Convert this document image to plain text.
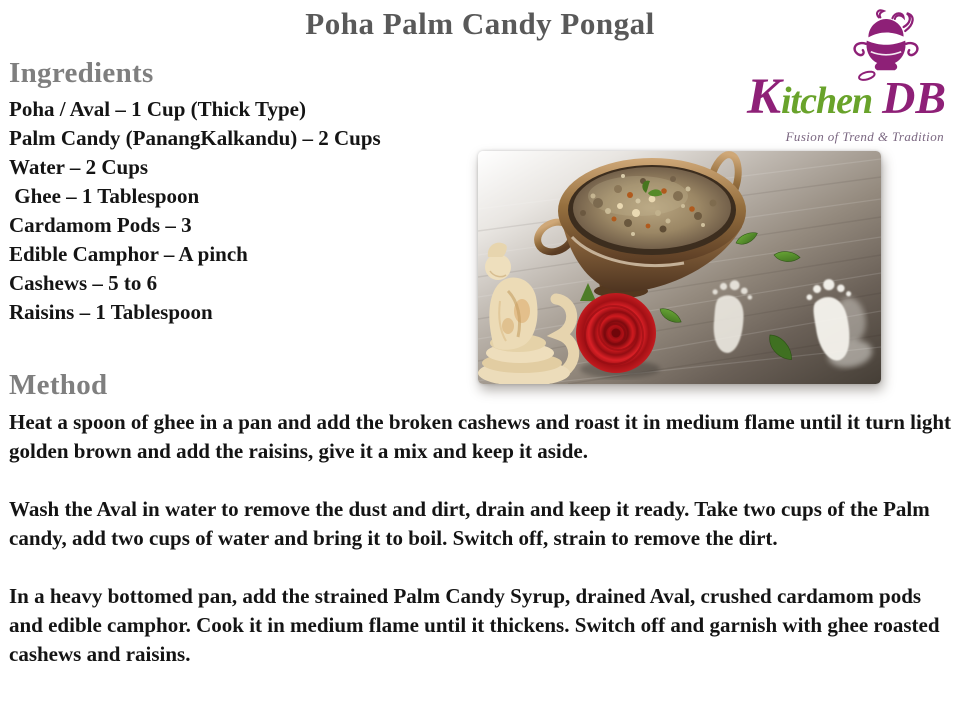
Poha Palm Candy Pongal
Kitchen DB
Fusion of Trend & Tradition
Ingredients
Poha / Aval – 1 Cup (Thick Type)
Palm Candy (PanangKalkandu) – 2 Cups
Water – 2 Cups
Ghee – 1 Tablespoon
Cardamom Pods – 3
Edible Camphor – A pinch
Cashews – 5 to 6
Raisins – 1 Tablespoon
Method

Heat a spoon of ghee in a pan and add the broken cashews and roast it in medium flame until it turn light golden brown and add the raisins, give it a mix and keep it aside.

Wash the Aval in water to remove the dust and dirt, drain and keep it ready. Take two cups of the Palm candy, add two cups of water and bring it to boil. Switch off, strain to remove the dirt.

In a heavy bottomed pan, add the strained Palm Candy Syrup, drained Aval, crushed cardamom pods and edible camphor. Cook it in medium flame until it thickens. Switch off and garnish with ghee roasted cashews and raisins.
